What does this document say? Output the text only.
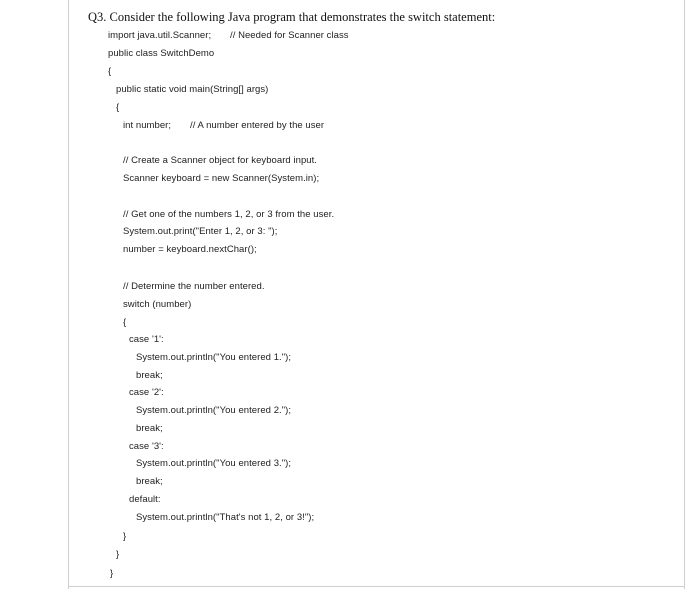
Q3. Consider the following Java program that demonstrates the switch statement:
import java.util.Scanner; // Needed for Scanner class
public class SwitchDemo
{
public static void main(String[] args)
{
int number; // A number entered by the user
// Create a Scanner object for keyboard input.
Scanner keyboard = new Scanner(System.in);
// Get one of the numbers 1, 2, or 3 from the user.
System.out.print("Enter 1, 2, or 3: ");
number = keyboard.nextChar();
// Determine the number entered.
switch (number)
{
case '1':
System.out.println("You entered 1.");
break;
case '2':
System.out.println("You entered 2.");
break;
case '3':
System.out.println("You entered 3.");
break;
default:
System.out.println("That's not 1, 2, or 3!");
}
}
}
